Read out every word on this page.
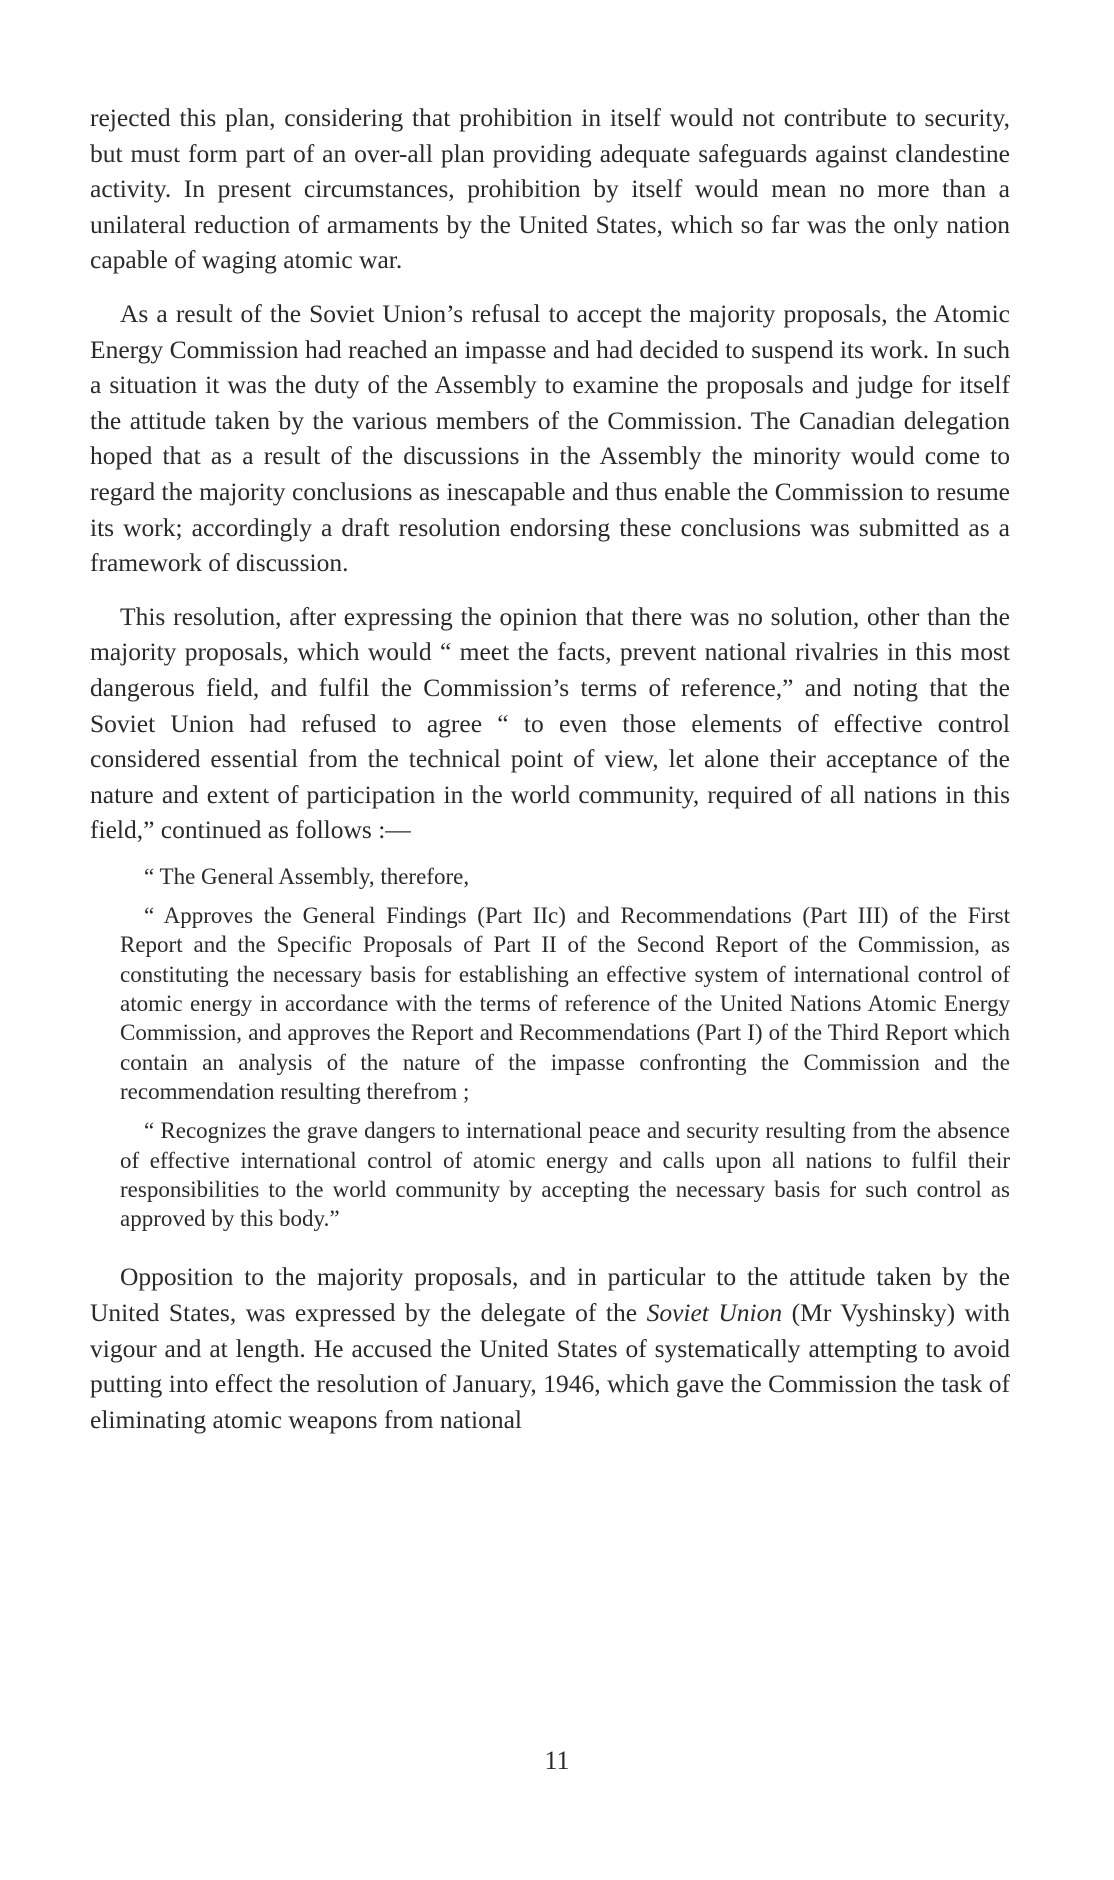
rejected this plan, considering that prohibition in itself would not contribute to security, but must form part of an over-all plan providing adequate safeguards against clandestine activity. In present circumstances, prohibition by itself would mean no more than a unilateral reduction of armaments by the United States, which so far was the only nation capable of waging atomic war.

As a result of the Soviet Union’s refusal to accept the majority proposals, the Atomic Energy Commission had reached an impasse and had decided to suspend its work. In such a situation it was the duty of the Assembly to examine the proposals and judge for itself the attitude taken by the various members of the Commission. The Canadian delegation hoped that as a result of the discussions in the Assembly the minority would come to regard the majority conclusions as inescapable and thus enable the Commission to resume its work; accordingly a draft resolution endorsing these conclusions was submitted as a framework of discussion.

This resolution, after expressing the opinion that there was no solution, other than the majority proposals, which would “ meet the facts, prevent national rivalries in this most dangerous field, and fulfil the Commission’s terms of reference,” and noting that the Soviet Union had refused to agree “ to even those elements of effective control considered essential from the technical point of view, let alone their acceptance of the nature and extent of participation in the world community, required of all nations in this field,” continued as follows :—

“ The General Assembly, therefore,

“ Approves the General Findings (Part IIc) and Recommendations (Part III) of the First Report and the Specific Proposals of Part II of the Second Report of the Commission, as constituting the necessary basis for establishing an effective system of international control of atomic energy in accordance with the terms of reference of the United Nations Atomic Energy Commission, and approves the Report and Recommendations (Part I) of the Third Report which contain an analysis of the nature of the impasse confronting the Commission and the recommendation resulting therefrom ;

“ Recognizes the grave dangers to international peace and security resulting from the absence of effective international control of atomic energy and calls upon all nations to fulfil their responsibilities to the world community by accepting the necessary basis for such control as approved by this body.”

Opposition to the majority proposals, and in particular to the attitude taken by the United States, was expressed by the delegate of the Soviet Union (Mr Vyshinsky) with vigour and at length. He accused the United States of systematically attempting to avoid putting into effect the resolution of January, 1946, which gave the Commission the task of eliminating atomic weapons from national

11
